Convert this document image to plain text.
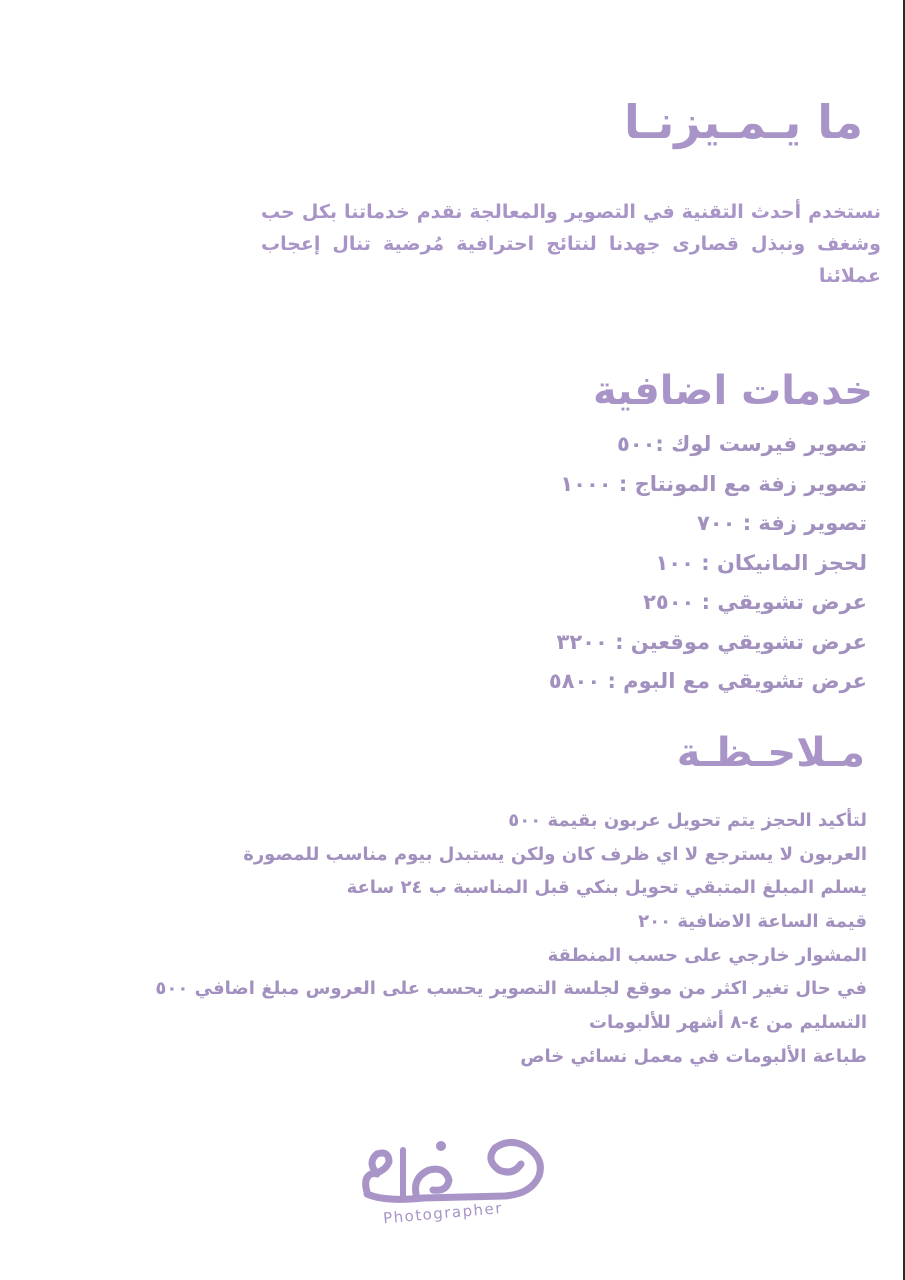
ما يـمـيزنـا

نستخدم أحدث التقنية في التصوير والمعالجة نقدم خدماتنا بكل حب وشغف ونبذل قصارى جهدنا لنتائج احترافية مُرضية تنال إعجاب عملائنا

خدمات اضافية
تصوير فيرست لوك :٥٠٠
تصوير زفة مع المونتاج : ١٠٠٠
تصوير زفة : ٧٠٠
لحجز المانيكان : ١٠٠
عرض تشويقي : ٢٥٠٠
عرض تشويقي موقعين : ٣٢٠٠
عرض تشويقي مع البوم : ٥٨٠٠
مـلاحـظـة
لتأكيد الحجز يتم تحويل عربون بقيمة ٥٠٠
العربون لا يسترجع لا اي ظرف كان ولكن يستبدل بيوم مناسب للمصورة
يسلم المبلغ المتبقي تحويل بنكي قبل المناسبة ب ٢٤ ساعة
قيمة الساعة الاضافية ٢٠٠
المشوار خارجي على حسب المنطقة
في حال تغير اكثر من موقع لجلسة التصوير يحسب على العروس مبلغ اضافي ٥٠٠
التسليم من ٤-٨ أشهر للألبومات
طباعة الألبومات في معمل نسائي خاص
Photographer
